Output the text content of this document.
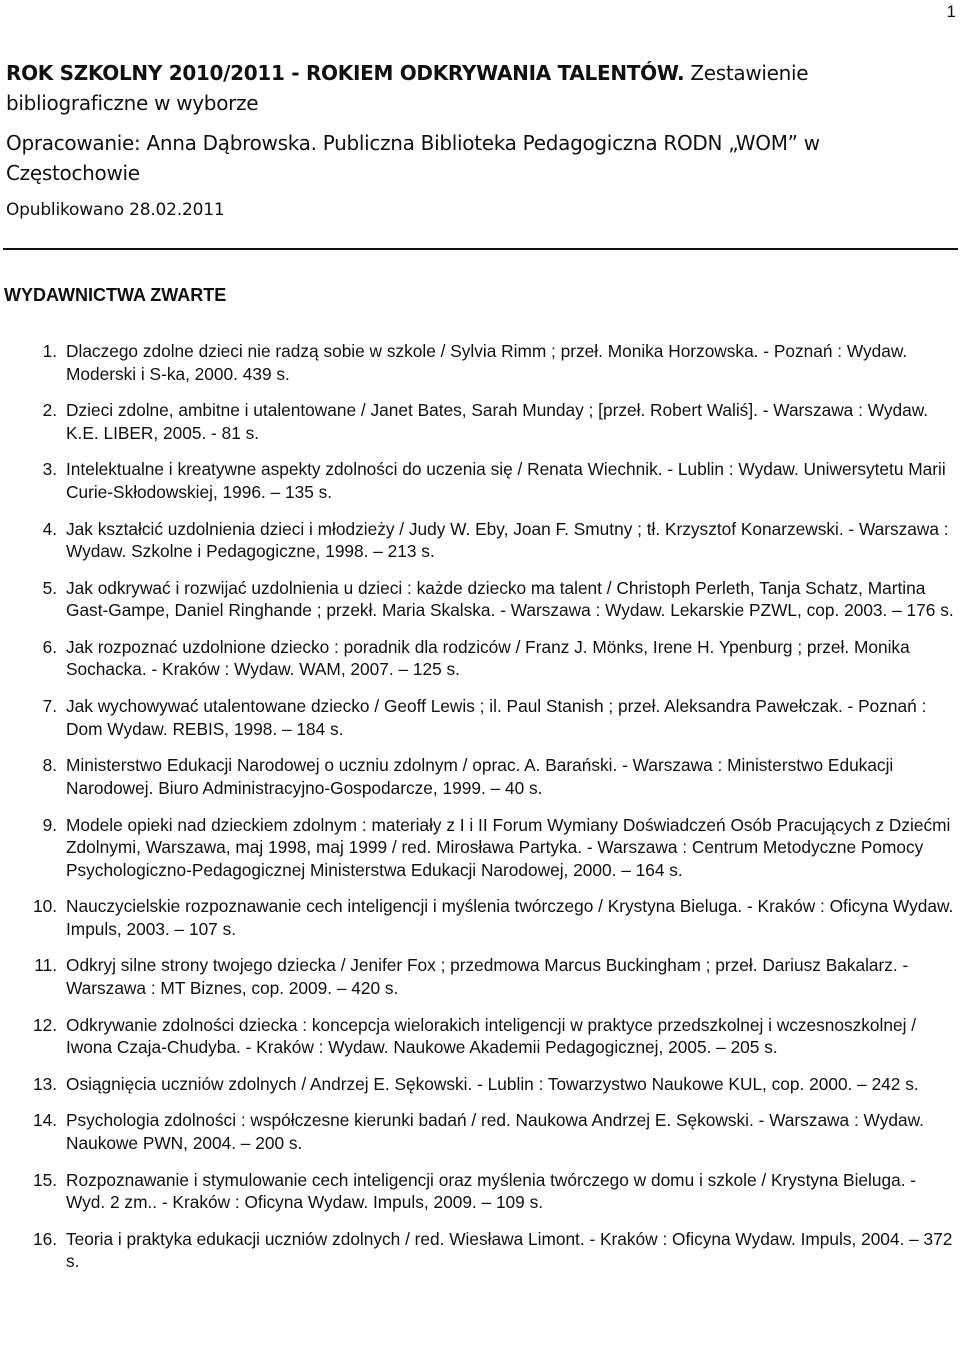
1

ROK SZKOLNY 2010/2011 - ROKIEM ODKRYWANIA TALENTÓW. Zestawienie bibliograficzne w wyborze

Opracowanie: Anna Dąbrowska. Publiczna Biblioteka Pedagogiczna RODN „WOM” w Częstochowie

Opublikowano 28.02.2011

WYDAWNICTWA ZWARTE
1. Dlaczego zdolne dzieci nie radzą sobie w szkole / Sylvia Rimm ; przeł. Monika Horzowska. - Poznań : Wydaw. Moderski i S-ka, 2000. 439 s.
2. Dzieci zdolne, ambitne i utalentowane / Janet Bates, Sarah Munday ; [przeł. Robert Waliś]. - Warszawa : Wydaw. K.E. LIBER, 2005. - 81 s.
3. Intelektualne i kreatywne aspekty zdolności do uczenia się / Renata Wiechnik. - Lublin : Wydaw. Uniwersytetu Marii Curie-Skłodowskiej, 1996. – 135 s.
4. Jak kształcić uzdolnienia dzieci i młodzieży / Judy W. Eby, Joan F. Smutny ; tł. Krzysztof Konarzewski. - Warszawa : Wydaw. Szkolne i Pedagogiczne, 1998. – 213 s.
5. Jak odkrywać i rozwijać uzdolnienia u dzieci : każde dziecko ma talent / Christoph Perleth, Tanja Schatz, Martina Gast-Gampe, Daniel Ringhande ; przekł. Maria Skalska. - Warszawa : Wydaw. Lekarskie PZWL, cop. 2003. – 176 s.
6. Jak rozpoznać uzdolnione dziecko : poradnik dla rodziców / Franz J. Mönks, Irene H. Ypenburg ; przeł. Monika Sochacka. - Kraków : Wydaw. WAM, 2007. – 125 s.
7. Jak wychowywać utalentowane dziecko / Geoff Lewis ; il. Paul Stanish ; przeł. Aleksandra Pawełczak. - Poznań : Dom Wydaw. REBIS, 1998. – 184 s.
8. Ministerstwo Edukacji Narodowej o uczniu zdolnym / oprac. A. Barański. - Warszawa : Ministerstwo Edukacji Narodowej. Biuro Administracyjno-Gospodarcze, 1999. – 40 s.
9. Modele opieki nad dzieckiem zdolnym : materiały z I i II Forum Wymiany Doświadczeń Osób Pracujących z Dziećmi Zdolnymi, Warszawa, maj 1998, maj 1999 / red. Mirosława Partyka. - Warszawa : Centrum Metodyczne Pomocy Psychologiczno-Pedagogicznej Ministerstwa Edukacji Narodowej, 2000. – 164 s.
10. Nauczycielskie rozpoznawanie cech inteligencji i myślenia twórczego / Krystyna Bieluga. - Kraków : Oficyna Wydaw. Impuls, 2003. – 107 s.
11. Odkryj silne strony twojego dziecka / Jenifer Fox ; przedmowa Marcus Buckingham ; przeł. Dariusz Bakalarz. - Warszawa : MT Biznes, cop. 2009. – 420 s.
12. Odkrywanie zdolności dziecka : koncepcja wielorakich inteligencji w praktyce przedszkolnej i wczesnoszkolnej / Iwona Czaja-Chudyba. - Kraków : Wydaw. Naukowe Akademii Pedagogicznej, 2005. – 205 s.
13. Osiągnięcia uczniów zdolnych / Andrzej E. Sękowski. - Lublin : Towarzystwo Naukowe KUL, cop. 2000. – 242 s.
14. Psychologia zdolności : współczesne kierunki badań / red. Naukowa Andrzej E. Sękowski. - Warszawa : Wydaw. Naukowe PWN, 2004. – 200 s.
15. Rozpoznawanie i stymulowanie cech inteligencji oraz myślenia twórczego w domu i szkole / Krystyna Bieluga. - Wyd. 2 zm.. - Kraków : Oficyna Wydaw. Impuls, 2009. – 109 s.
16. Teoria i praktyka edukacji uczniów zdolnych / red. Wiesława Limont. - Kraków : Oficyna Wydaw. Impuls, 2004. – 372 s.
